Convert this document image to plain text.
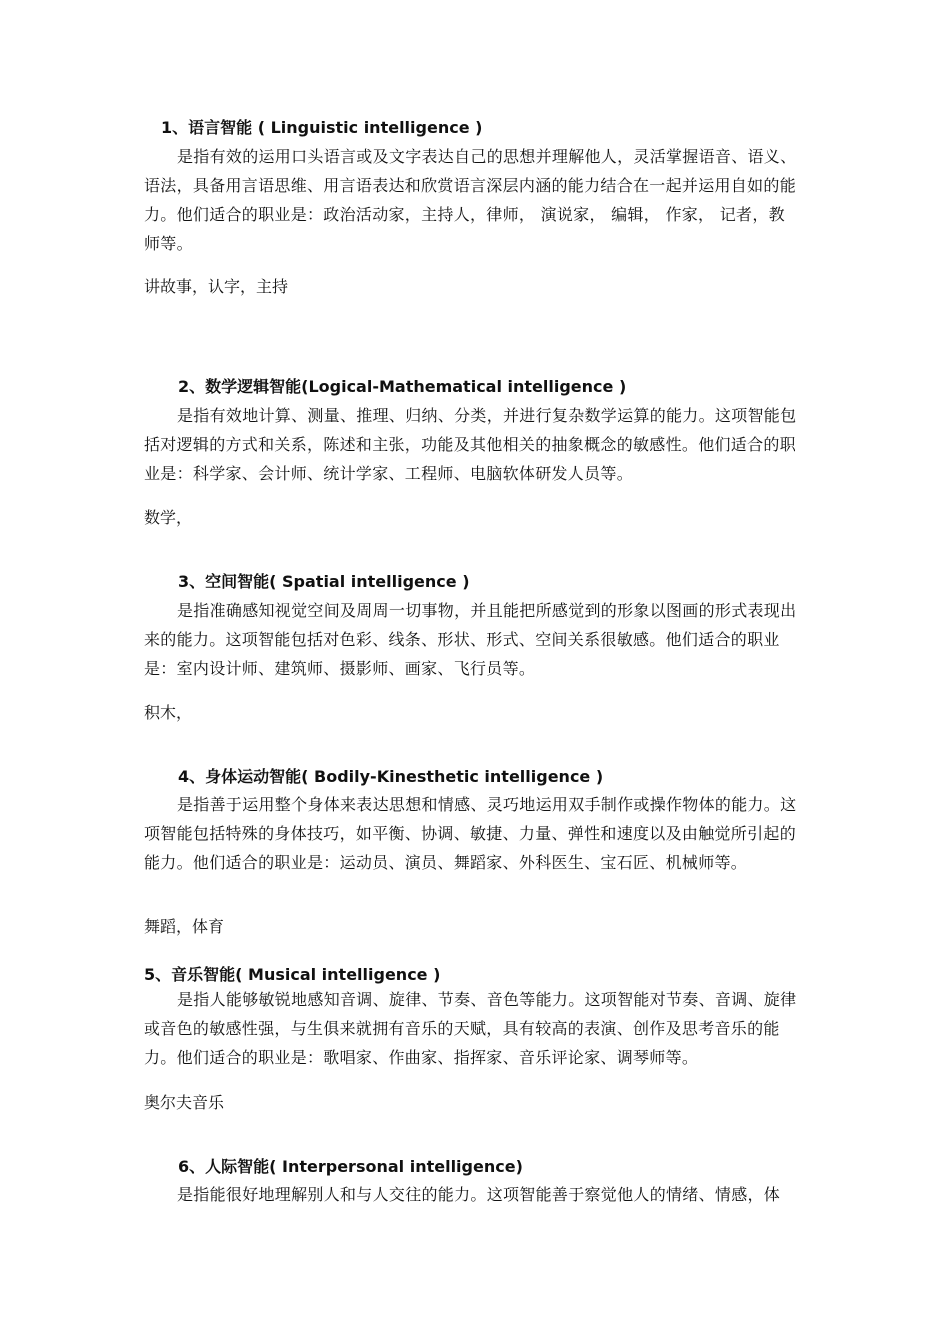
1、语言智能 ( Linguistic intelligence )

是指有效的运用口头语言或及文字表达自己的思想并理解他人，灵活掌握语音、语义、语法，具备用言语思维、用言语表达和欣赏语言深层内涵的能力结合在一起并运用自如的能力。他们适合的职业是：政治活动家，主持人，律师， 演说家， 编辑， 作家， 记者，教师等。

讲故事，认字，主持

2、数学逻辑智能(Logical-Mathematical intelligence )

是指有效地计算、测量、推理、归纳、分类，并进行复杂数学运算的能力。这项智能包括对逻辑的方式和关系，陈述和主张，功能及其他相关的抽象概念的敏感性。他们适合的职业是：科学家、会计师、统计学家、工程师、电脑软体研发人员等。

数学，

3、空间智能( Spatial intelligence )

是指准确感知视觉空间及周周一切事物，并且能把所感觉到的形象以图画的形式表现出来的能力。这项智能包括对色彩、线条、形状、形式、空间关系很敏感。他们适合的职业是：室内设计师、建筑师、摄影师、画家、飞行员等。

积木，

4、身体运动智能( Bodily-Kinesthetic intelligence )

是指善于运用整个身体来表达思想和情感、灵巧地运用双手制作或操作物体的能力。这项智能包括特殊的身体技巧，如平衡、协调、敏捷、力量、弹性和速度以及由触觉所引起的能力。他们适合的职业是：运动员、演员、舞蹈家、外科医生、宝石匠、机械师等。

舞蹈，体育

5、音乐智能( Musical intelligence )

是指人能够敏锐地感知音调、旋律、节奏、音色等能力。这项智能对节奏、音调、旋律或音色的敏感性强，与生俱来就拥有音乐的天赋，具有较高的表演、创作及思考音乐的能力。他们适合的职业是：歌唱家、作曲家、指挥家、音乐评论家、调琴师等。

奥尔夫音乐

6、人际智能( Interpersonal intelligence)

是指能很好地理解别人和与人交往的能力。这项智能善于察觉他人的情绪、情感，体
